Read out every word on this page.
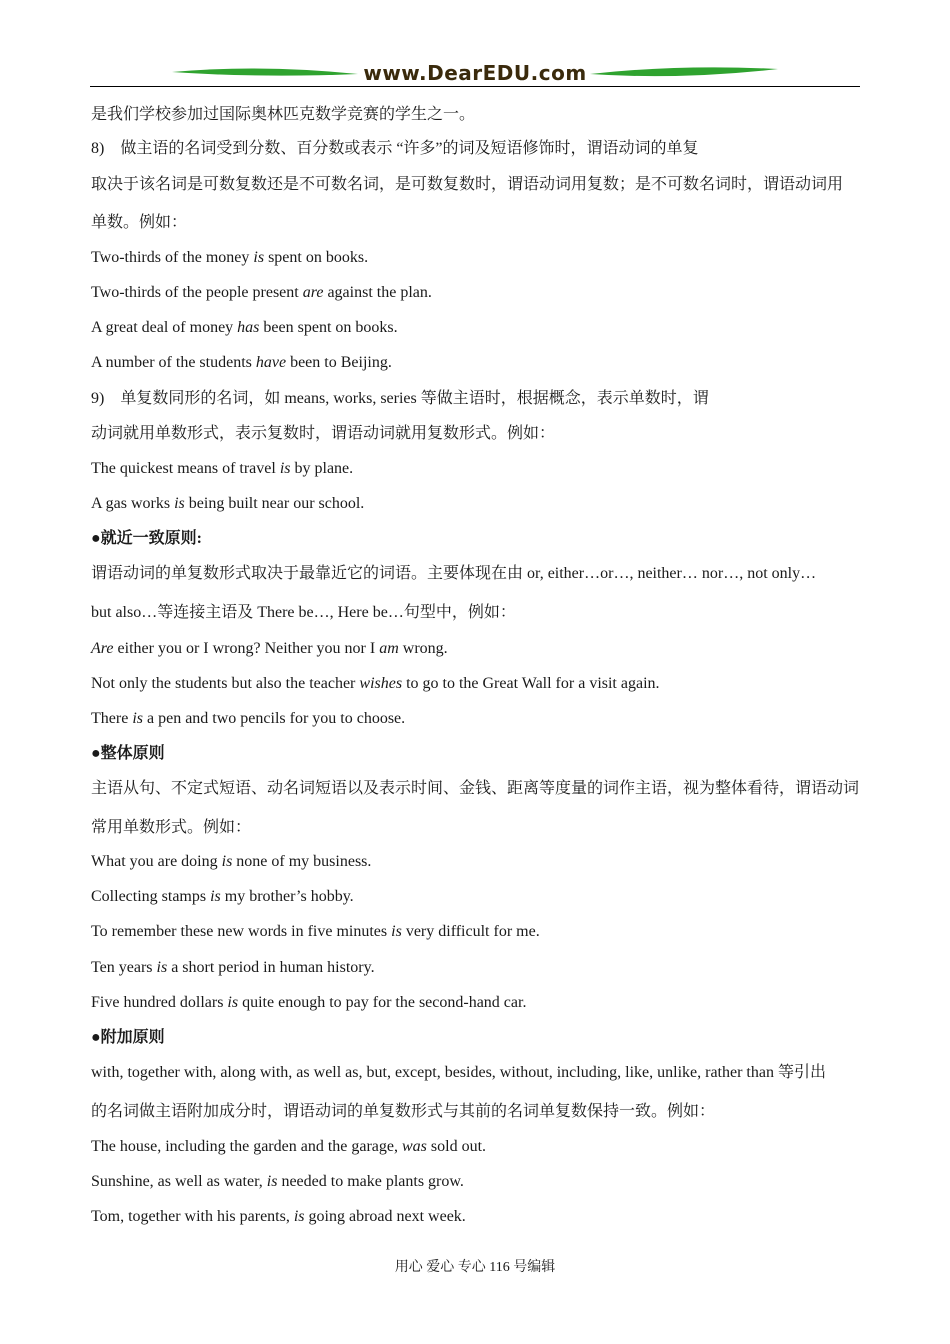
www.DearEDU.com
是我们学校参加过国际奥林匹克数学竞赛的学生之一。
8)　做主语的名词受到分数、百分数或表示 “许多”的词及短语修饰时，谓语动词的单复
取决于该名词是可数复数还是不可数名词，是可数复数时，谓语动词用复数；是不可数名词时，谓语动词用
单数。例如：
Two-thirds of the money is spent on books.
Two-thirds of the people present are against the plan.
A great deal of money has been spent on books.
A number of the students have been to Beijing.
9)　单复数同形的名词，如 means, works, series 等做主语时，根据概念，表示单数时，谓
动词就用单数形式，表示复数时，谓语动词就用复数形式。例如：
The quickest means of travel is by plane.
A gas works is being built near our school.
●就近一致原则:
谓语动词的单复数形式取决于最靠近它的词语。主要体现在由 or, either…or…, neither… nor…, not only…
but also…等连接主语及 There be…, Here be…句型中，例如：
Are either you or I wrong? Neither you nor I am wrong.
Not only the students but also the teacher wishes to go to the Great Wall for a visit again.
There is a pen and two pencils for you to choose.
●整体原则
主语从句、不定式短语、动名词短语以及表示时间、金钱、距离等度量的词作主语，视为整体看待，谓语动词
常用单数形式。例如：
What you are doing is none of my business.
Collecting stamps is my brother’s hobby.
To remember these new words in five minutes is very difficult for me.
Ten years is a short period in human history.
Five hundred dollars is quite enough to pay for the second-hand car.
●附加原则
with, together with, along with, as well as, but, except, besides, without, including, like, unlike, rather than 等引出
的名词做主语附加成分时，谓语动词的单复数形式与其前的名词单复数保持一致。例如：
The house, including the garden and the garage, was sold out.
Sunshine, as well as water, is needed to make plants grow.
Tom, together with his parents, is going abroad next week.
用心 爱心 专心 116 号编辑
